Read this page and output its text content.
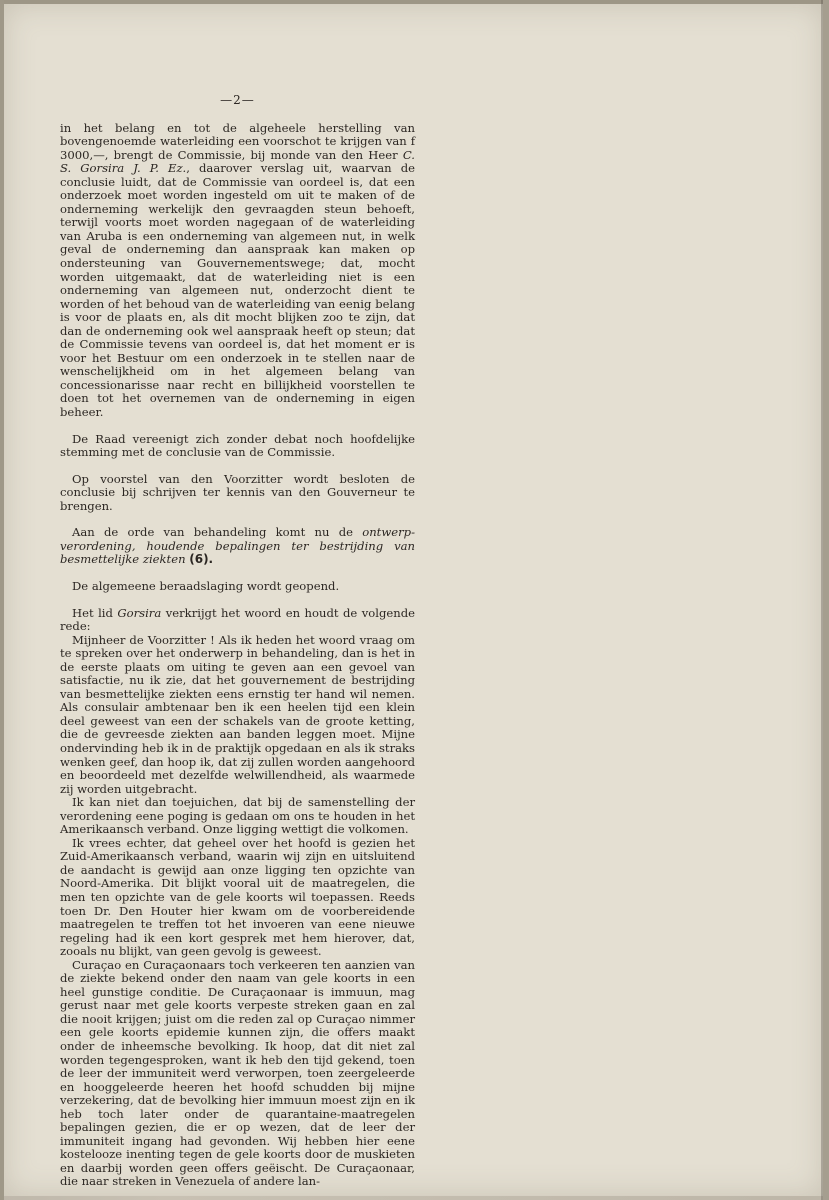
—2—

in het belang en tot de algeheele herstelling van bovengenoemde waterleiding een voorschot te krijgen van f 3000,—, brengt de Commissie, bij monde van den Heer C. S. Gorsira J. P. Ez., daarover verslag uit, waarvan de conclusie luidt, dat de Commissie van oordeel is, dat een onderzoek moet worden ingesteld om uit te maken of de onderneming werkelijk den gevraagden steun behoeft, terwijl voorts moet worden nagegaan of de waterleiding van Aruba is een onderneming van algemeen nut, in welk geval de onderneming dan aanspraak kan maken op ondersteuning van Gouvernementswege; dat, mocht worden uitgemaakt, dat de waterleiding niet is een onderneming van algemeen nut, onderzocht dient te worden of het behoud van de waterleiding van eenig belang is voor de plaats en, als dit mocht blijken zoo te zijn, dat dan de onderneming ook wel aanspraak heeft op steun; dat de Commissie tevens van oordeel is, dat het moment er is voor het Bestuur om een onderzoek in te stellen naar de wenschelijkheid om in het algemeen belang van concessionarisse naar recht en billijkheid voorstellen te doen tot het overnemen van de onderneming in eigen beheer.

De Raad vereenigt zich zonder debat noch hoofdelijke stemming met de conclusie van de Commissie.

Op voorstel van den Voorzitter wordt besloten de conclusie bij schrijven ter kennis van den Gouverneur te brengen.

Aan de orde van behandeling komt nu de ontwerp-verordening, houdende bepalingen ter bestrijding van besmettelijke ziekten (6).

De algemeene beraadslaging wordt geopend.

Het lid Gorsira verkrijgt het woord en houdt de volgende rede:

Mijnheer de Voorzitter ! Als ik heden het woord vraag om te spreken over het onderwerp in behandeling, dan is het in de eerste plaats om uiting te geven aan een gevoel van satisfactie, nu ik zie, dat het gouvernement de bestrijding van besmettelijke ziekten eens ernstig ter hand wil nemen. Als consulair ambtenaar ben ik een heelen tijd een klein deel geweest van een der schakels van de groote ketting, die de gevreesde ziekten aan banden leggen moet. Mijne ondervinding heb ik in de praktijk opgedaan en als ik straks wenken geef, dan hoop ik, dat zij zullen worden aangehoord en beoordeeld met dezelfde welwillendheid, als waarmede zij worden uitgebracht.

Ik kan niet dan toejuichen, dat bij de samenstelling der verordening eene poging is gedaan om ons te houden in het Amerikaansch verband. Onze ligging wettigt die volkomen.

Ik vrees echter, dat geheel over het hoofd is gezien het Zuid-Amerikaansch verband, waarin wij zijn en uitsluitend de aandacht is gewijd aan onze ligging ten opzichte van Noord-Amerika. Dit blijkt vooral uit de maatregelen, die men ten opzichte van de gele koorts wil toepassen. Reeds toen Dr. Den Houter hier kwam om de voorbereidende maatregelen te treffen tot het invoeren van eene nieuwe regeling had ik een kort gesprek met hem hierover, dat, zooals nu blijkt, van geen gevolg is geweest.

Curaçao en Curaçaonaars toch verkeeren ten aanzien van de ziekte bekend onder den naam van gele koorts in een heel gunstige conditie. De Curaçaonaar is immuun, mag gerust naar met gele koorts verpeste streken gaan en zal die nooit krijgen; juist om die reden zal op Curaçao nimmer een gele koorts epidemie kunnen zijn, die offers maakt onder de inheemsche bevolking. Ik hoop, dat dit niet zal worden tegengesproken, want ik heb den tijd gekend, toen de leer der immuniteit werd verworpen, toen zeergeleerde en hooggeleerde heeren het hoofd schudden bij mijne verzekering, dat de bevolking hier immuun moest zijn en ik heb toch later onder de quarantaine-maatregelen bepalingen gezien, die er op wezen, dat de leer der immuniteit ingang had gevonden. Wij hebben hier eene kostelooze inenting tegen de gele koorts door de muskieten en daarbij worden geen offers geëischt. De Curaçaonaar, die naar streken in Venezuela of andere lan-
